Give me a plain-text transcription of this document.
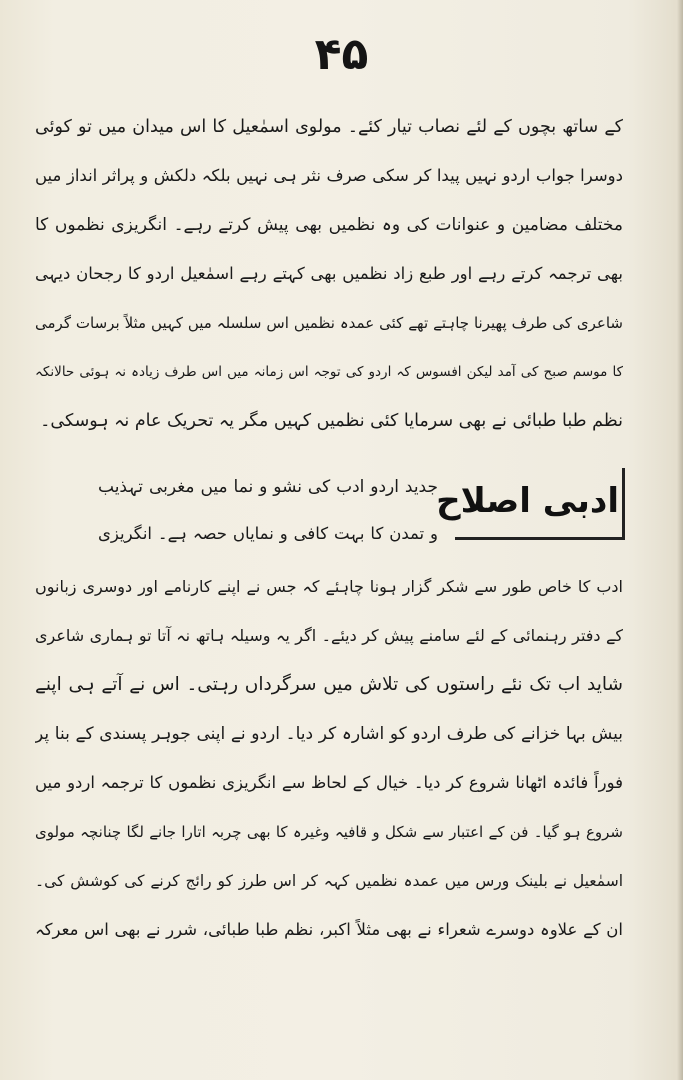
۴۵
کے ساتھ بچوں کے لئے نصاب تیار کئے۔ مولوی اسمٰعیل کا اس میدان میں تو کوئی
دوسرا جواب اردو نہیں پیدا کر سکی صرف نثر ہی نہیں بلکہ دلکش و پراثر انداز میں
مختلف مضامین و عنوانات کی وہ نظمیں بھی پیش کرتے رہے۔ انگریزی نظموں کا
بھی ترجمہ کرتے رہے اور طبع زاد نظمیں بھی کہتے رہے اسمٰعیل اردو کا رجحان دیہی
شاعری کی طرف پھیرنا چاہتے تھے کئی عمدہ نظمیں اس سلسلہ میں کہیں مثلاً برسات گرمی
کا موسم صبح کی آمد لیکن افسوس کہ اردو کی توجہ اس زمانہ میں اس طرف زیادہ نہ ہوئی حالانکہ
نظم طبا طبائی نے بھی سرمایا کئی نظمیں کہیں مگر یہ تحریک عام نہ ہوسکی۔
ادبی اصلاح
جدید اردو ادب کی نشو و نما میں مغربی تہذیب
و تمدن کا بہت کافی و نمایاں حصہ ہے۔ انگریزی
ادب کا خاص طور سے شکر گزار ہونا چاہئے کہ جس نے اپنے کارنامے اور دوسری زبانوں
کے دفتر رہنمائی کے لئے سامنے پیش کر دیئے۔ اگر یہ وسیلہ ہاتھ نہ آتا تو ہماری شاعری
شاید اب تک نئے راستوں کی تلاش میں سرگرداں رہتی۔ اس نے آتے ہی اپنے
بیش بہا خزانے کی طرف اردو کو اشارہ کر دیا۔ اردو نے اپنی جوہر پسندی کے بنا پر
فوراً فائدہ اٹھانا شروع کر دیا۔ خیال کے لحاظ سے انگریزی نظموں کا ترجمہ اردو میں
شروع ہو گیا۔ فن کے اعتبار سے شکل و قافیہ وغیرہ کا بھی چربہ اتارا جانے لگا چنانچہ مولوی
اسمٰعیل نے بلینک ورس میں عمدہ نظمیں کہہ کر اس طرز کو رائج کرنے کی کوشش کی۔
ان کے علاوہ دوسرے شعراء نے بھی مثلاً اکبر، نظم طبا طبائی، شرر نے بھی اس معرکہ
